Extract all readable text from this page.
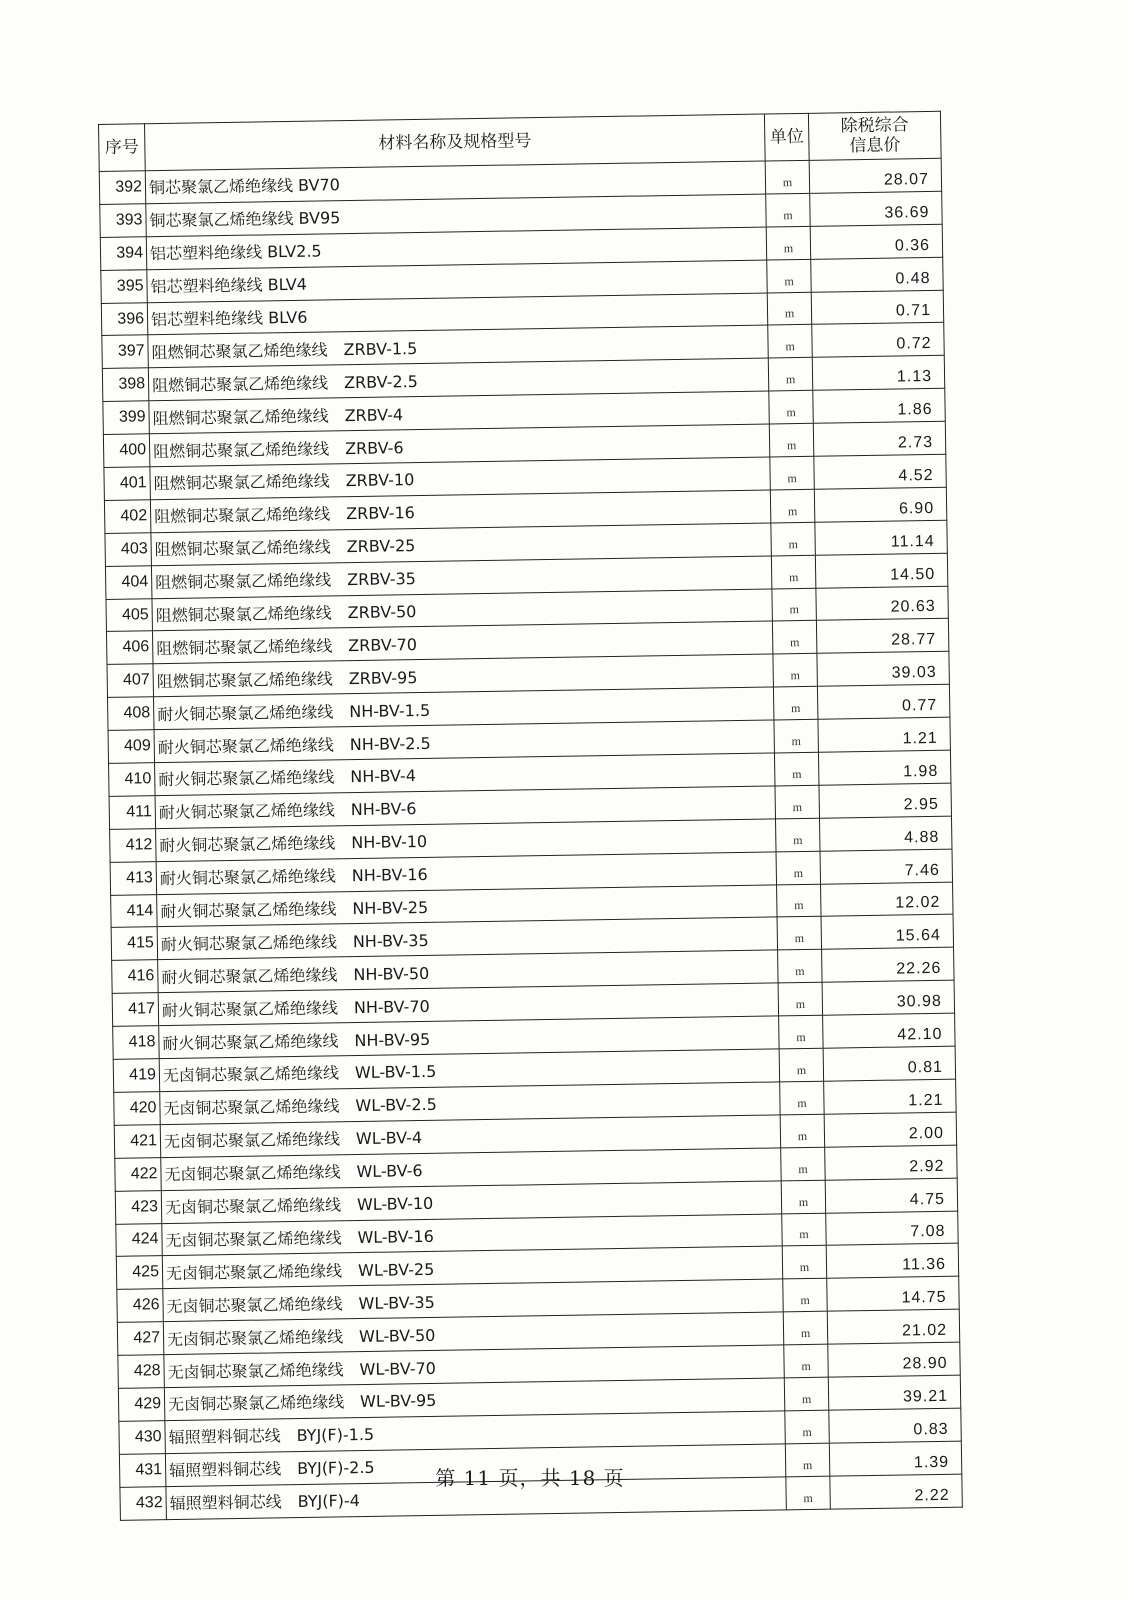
序号	材料名称及规格型号	单位	除税综合
信息价

392	铜芯聚氯乙烯绝缘线 BV70	m	28.07
393	铜芯聚氯乙烯绝缘线 BV95	m	36.69
394	铝芯塑料绝缘线 BLV2.5	m	0.36
395	铝芯塑料绝缘线 BLV4	m	0.48
396	铝芯塑料绝缘线 BLV6	m	0.71
397	阻燃铜芯聚氯乙烯绝缘线　ZRBV-1.5	m	0.72
398	阻燃铜芯聚氯乙烯绝缘线　ZRBV-2.5	m	1.13
399	阻燃铜芯聚氯乙烯绝缘线　ZRBV-4	m	1.86
400	阻燃铜芯聚氯乙烯绝缘线　ZRBV-6	m	2.73
401	阻燃铜芯聚氯乙烯绝缘线　ZRBV-10	m	4.52
402	阻燃铜芯聚氯乙烯绝缘线　ZRBV-16	m	6.90
403	阻燃铜芯聚氯乙烯绝缘线　ZRBV-25	m	11.14
404	阻燃铜芯聚氯乙烯绝缘线　ZRBV-35	m	14.50
405	阻燃铜芯聚氯乙烯绝缘线　ZRBV-50	m	20.63
406	阻燃铜芯聚氯乙烯绝缘线　ZRBV-70	m	28.77
407	阻燃铜芯聚氯乙烯绝缘线　ZRBV-95	m	39.03
408	耐火铜芯聚氯乙烯绝缘线　NH-BV-1.5	m	0.77
409	耐火铜芯聚氯乙烯绝缘线　NH-BV-2.5	m	1.21
410	耐火铜芯聚氯乙烯绝缘线　NH-BV-4	m	1.98
411	耐火铜芯聚氯乙烯绝缘线　NH-BV-6	m	2.95
412	耐火铜芯聚氯乙烯绝缘线　NH-BV-10	m	4.88
413	耐火铜芯聚氯乙烯绝缘线　NH-BV-16	m	7.46
414	耐火铜芯聚氯乙烯绝缘线　NH-BV-25	m	12.02
415	耐火铜芯聚氯乙烯绝缘线　NH-BV-35	m	15.64
416	耐火铜芯聚氯乙烯绝缘线　NH-BV-50	m	22.26
417	耐火铜芯聚氯乙烯绝缘线　NH-BV-70	m	30.98
418	耐火铜芯聚氯乙烯绝缘线　NH-BV-95	m	42.10
419	无卤铜芯聚氯乙烯绝缘线　WL-BV-1.5	m	0.81
420	无卤铜芯聚氯乙烯绝缘线　WL-BV-2.5	m	1.21
421	无卤铜芯聚氯乙烯绝缘线　WL-BV-4	m	2.00
422	无卤铜芯聚氯乙烯绝缘线　WL-BV-6	m	2.92
423	无卤铜芯聚氯乙烯绝缘线　WL-BV-10	m	4.75
424	无卤铜芯聚氯乙烯绝缘线　WL-BV-16	m	7.08
425	无卤铜芯聚氯乙烯绝缘线　WL-BV-25	m	11.36
426	无卤铜芯聚氯乙烯绝缘线　WL-BV-35	m	14.75
427	无卤铜芯聚氯乙烯绝缘线　WL-BV-50	m	21.02
428	无卤铜芯聚氯乙烯绝缘线　WL-BV-70	m	28.90
429	无卤铜芯聚氯乙烯绝缘线　WL-BV-95	m	39.21
430	辐照塑料铜芯线　BYJ(F)-1.5	m	0.83
431	辐照塑料铜芯线　BYJ(F)-2.5	m	1.39
432	辐照塑料铜芯线　BYJ(F)-4	m	2.22
第 11 页，共 18 页
